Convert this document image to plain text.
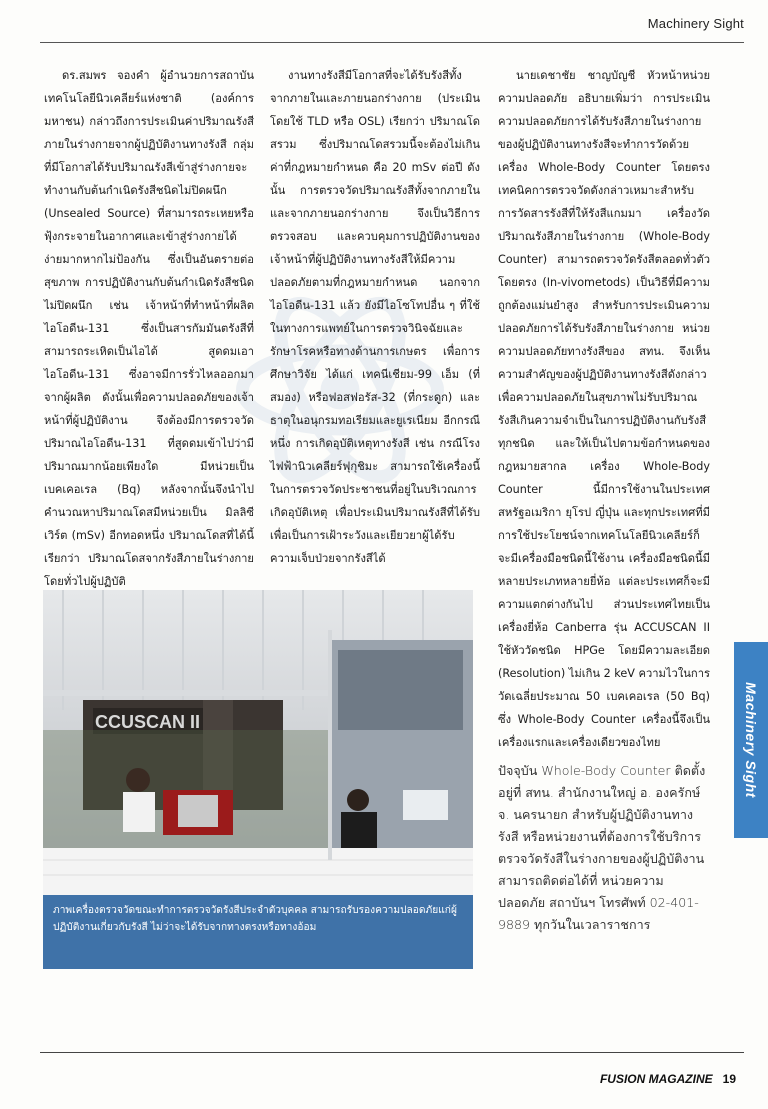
Machinery Sight

ดร.สมพร จองคำ ผู้อำนวยการสถาบันเทคโนโลยีนิวเคลียร์แห่งชาติ (องค์การมหาชน) กล่าวถึงการประเมินค่าปริมาณรังสีภายในร่างกายจากผู้ปฏิบัติงานทางรังสี กลุ่มที่มีโอกาสได้รับปริมาณรังสีเข้าสู่ร่างกายจะทำงานกับต้นกำเนิดรังสีชนิดไม่ปิดผนึก (Unsealed Source) ที่สามารถระเหยหรือฟุ้งกระจายในอากาศและเข้าสู่ร่างกายได้ง่ายมากหากไม่ป้องกัน ซึ่งเป็นอันตรายต่อสุขภาพ การปฏิบัติงานกับต้นกำเนิดรังสีชนิดไม่ปิดผนึก เช่น เจ้าหน้าที่ทำหน้าที่ผลิตไอโอดีน-131 ซึ่งเป็นสารกัมมันตรังสีที่สามารถระเหิดเป็นไอได้ สูดดมเอา ไอโอดีน-131 ซึ่งอาจมีการรั่วไหลออกมาจากผู้ผลิต ดังนั้นเพื่อความปลอดภัยของเจ้าหน้าที่ผู้ปฏิบัติงาน จึงต้องมีการตรวจวัดปริมาณไอโอดีน-131 ที่สูดดมเข้าไปว่ามีปริมาณมากน้อยเพียงใด มีหน่วยเป็น เบคเคอเรล (Bq) หลังจากนั้นจึงนำไปคำนวณหาปริมาณโดสมีหน่วยเป็น มิลลิซีเวิร์ต (mSv) อีกทอดหนึ่ง ปริมาณโดสที่ได้นี้ เรียกว่า ปริมาณโดสจากรังสีภายในร่างกาย โดยทั่วไปผู้ปฏิบัติ

งานทางรังสีมีโอกาสที่จะได้รับรังสีทั้งจากภายในและภายนอกร่างกาย (ประเมินโดยใช้ TLD หรือ OSL) เรียกว่า ปริมาณโดสรวม ซึ่งปริมาณโดสรวมนี้จะต้องไม่เกินค่าที่กฎหมายกำหนด คือ 20 mSv ต่อปี ดังนั้น การตรวจวัดปริมาณรังสีทั้งจากภายในและจากภายนอกร่างกาย จึงเป็นวิธีการตรวจสอบ และควบคุมการปฏิบัติงานของเจ้าหน้าที่ผู้ปฏิบัติงานทางรังสีให้มีความปลอดภัยตามที่กฎหมายกำหนด นอกจากไอโอดีน-131 แล้ว ยังมีไอโซโทปอื่น ๆ ที่ใช้ในทางการแพทย์ในการตรวจวินิจฉัยและรักษาโรคหรือทางด้านการเกษตร เพื่อการศึกษาวิจัย ได้แก่ เทคนีเชียม-99 เอ็ม (ที่สมอง) หรือฟอสฟอรัส-32 (ที่กระดูก) และธาตุในอนุกรมทอเรียมและยูเรเนียม อีกกรณีหนึ่ง การเกิดอุบัติเหตุทางรังสี เช่น กรณีโรงไฟฟ้านิวเคลียร์ฟุกุชิมะ สามารถใช้เครื่องนี้ในการตรวจวัดประชาชนที่อยู่ในบริเวณการเกิดอุบัติเหตุ เพื่อประเมินปริมาณรังสีที่ได้รับ เพื่อเป็นการเฝ้าระวังและเยียวยาผู้ได้รับความเจ็บป่วยจากรังสีได้

นายเดชาชัย ชาญบัญชี หัวหน้าหน่วยความปลอดภัย อธิบายเพิ่มว่า การประเมินความปลอดภัยการได้รับรังสีภายในร่างกายของผู้ปฏิบัติงานทางรังสีจะทำการวัดด้วยเครื่อง Whole-Body Counter โดยตรง เทคนิคการตรวจวัดดังกล่าวเหมาะสำหรับการวัดสารรังสีที่ให้รังสีแกมมา เครื่องวัดปริมาณรังสีภายในร่างกาย (Whole-Body Counter) สามารถตรวจวัดรังสีตลอดทั่วตัวโดยตรง (In-vivometods) เป็นวิธีที่มีความถูกต้องแม่นยำสูง สำหรับการประเมินความปลอดภัยการได้รับรังสีภายในร่างกาย หน่วยความปลอดภัยทางรังสีของ สทน. จึงเห็นความสำคัญของผู้ปฏิบัติงานทางรังสีดังกล่าว เพื่อความปลอดภัยในสุขภาพไม่รับปริมาณรังสีเกินความจำเป็นในการปฏิบัติงานกับรังสีทุกชนิด และให้เป็นไปตามข้อกำหนดของกฎหมายสากล เครื่อง Whole-Body Counter นี้มีการใช้งานในประเทศสหรัฐอเมริกา ยุโรป ญี่ปุ่น และทุกประเทศที่มีการใช้ประโยชน์จากเทคโนโลยีนิวเคลียร์ก็จะมีเครื่องมือชนิดนี้ใช้งาน เครื่องมือชนิดนี้มีหลายประเภทหลายยี่ห้อ แต่ละประเทศก็จะมีความแตกต่างกันไป ส่วนประเทศไทยเป็นเครื่องยี่ห้อ Canberra รุ่น ACCUSCAN II ใช้หัววัดชนิด HPGe โดยมีความละเอียด (Resolution) ไม่เกิน 2 keV ความไวในการวัดเฉลี่ยประมาณ 50 เบคเคอเรล (50 Bq) ซึ่ง Whole-Body Counter เครื่องนี้จึงเป็นเครื่องแรกและเครื่องเดียวของไทย

ปัจจุบัน Whole-Body Counter ติดตั้งอยู่ที่ สทน. สำนักงานใหญ่ อ. องครักษ์ จ. นครนายก สำหรับผู้ปฏิบัติงานทางรังสี หรือหน่วยงานที่ต้องการใช้บริการตรวจวัดรังสีในร่างกายของผู้ปฏิบัติงาน สามารถติดต่อได้ที่ หน่วยความปลอดภัย สถาบันฯ โทรศัพท์ 02-401-9889 ทุกวันในเวลาราชการ

CCUSCAN II
ภาพเครื่องตรวจวัดขณะทำการตรวจวัดรังสีประจำตัวบุคคล สามารถรับรองความปลอดภัยแก่ผู้ปฏิบัติงานเกี่ยวกับรังสี ไม่ว่าจะได้รับจากทางตรงหรือทางอ้อม
Machinery Sight
FUSION MAGAZINE 19
